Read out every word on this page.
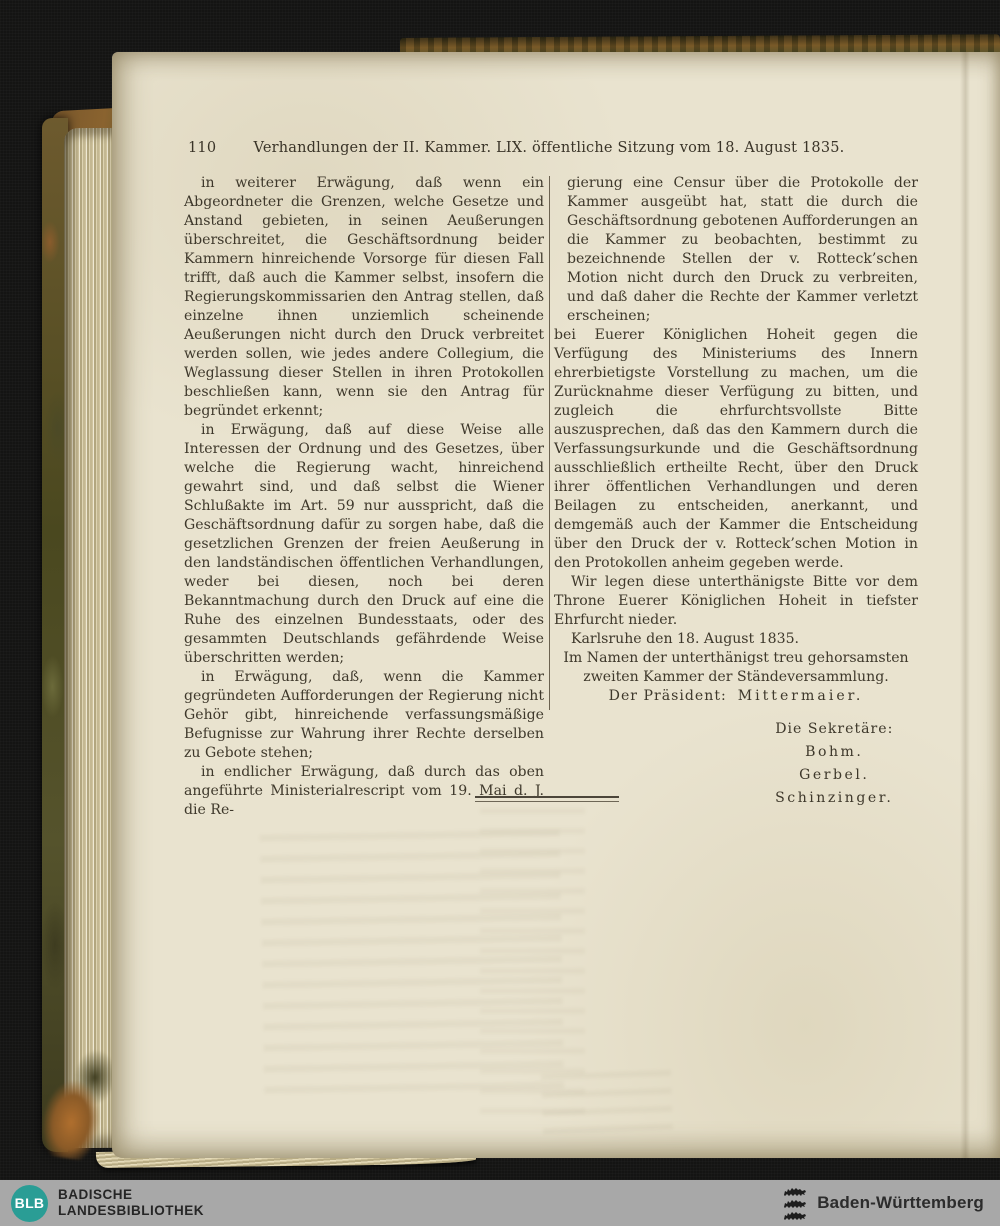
110	Verhandlungen der II. Kammer. LIX. öffentliche Sitzung vom 18. August 1835.

in weiterer Erwägung, daß wenn ein Abgeordneter die Grenzen, welche Gesetze und Anstand gebieten, in seinen Aeußerungen überschreitet, die Geschäftsordnung beider Kammern hinreichende Vorsorge für diesen Fall trifft, daß auch die Kammer selbst, insofern die Regierungskommissarien den Antrag stellen, daß einzelne ihnen unziemlich scheinende Aeußerungen nicht durch den Druck verbreitet werden sollen, wie jedes andere Collegium, die Weglassung dieser Stellen in ihren Protokollen beschließen kann, wenn sie den Antrag für begründet erkennt;

in Erwägung, daß auf diese Weise alle Interessen der Ordnung und des Gesetzes, über welche die Regierung wacht, hinreichend gewahrt sind, und daß selbst die Wiener Schlußakte im Art. 59 nur ausspricht, daß die Geschäftsordnung dafür zu sorgen habe, daß die gesetzlichen Grenzen der freien Aeußerung in den landständischen öffentlichen Verhandlungen, weder bei diesen, noch bei deren Bekanntmachung durch den Druck auf eine die Ruhe des einzelnen Bundesstaats, oder des gesammten Deutschlands gefährdende Weise überschritten werden;

in Erwägung, daß, wenn die Kammer gegründeten Aufforderungen der Regierung nicht Gehör gibt, hinreichende verfassungsmäßige Befugnisse zur Wahrung ihrer Rechte derselben zu Gebote stehen;

in endlicher Erwägung, daß durch das oben angeführte Ministerialrescript vom 19. Mai d. J. die Re-

gierung eine Censur über die Protokolle der Kammer ausgeübt hat, statt die durch die Geschäftsordnung gebotenen Aufforderungen an die Kammer zu beobachten, bestimmt zu bezeichnende Stellen der v. Rotteck’schen Motion nicht durch den Druck zu verbreiten, und daß daher die Rechte der Kammer verletzt erscheinen;

bei Euerer Königlichen Hoheit gegen die Verfügung des Ministeriums des Innern ehrerbietigste Vorstellung zu machen, um die Zurücknahme dieser Verfügung zu bitten, und zugleich die ehrfurchtsvollste Bitte auszusprechen, daß das den Kammern durch die Verfassungsurkunde und die Geschäftsordnung ausschließlich ertheilte Recht, über den Druck ihrer öffentlichen Verhandlungen und deren Beilagen zu entscheiden, anerkannt, und demgemäß auch der Kammer die Entscheidung über den Druck der v. Rotteck’schen Motion in den Protokollen anheim gegeben werde.

Wir legen diese unterthänigste Bitte vor dem Throne Euerer Königlichen Hoheit in tiefster Ehrfurcht nieder.

Karlsruhe den 18. August 1835.

Im Namen der unterthänigst treu gehorsamsten zweiten Kammer der Ständeversammlung.

Der Präsident: Mittermaier.

Die Sekretäre:
Bohm.
Gerbel.
Schinzinger.
BLB
BADISCHE
LANDESBIBLIOTHEK	Baden-Württemberg
